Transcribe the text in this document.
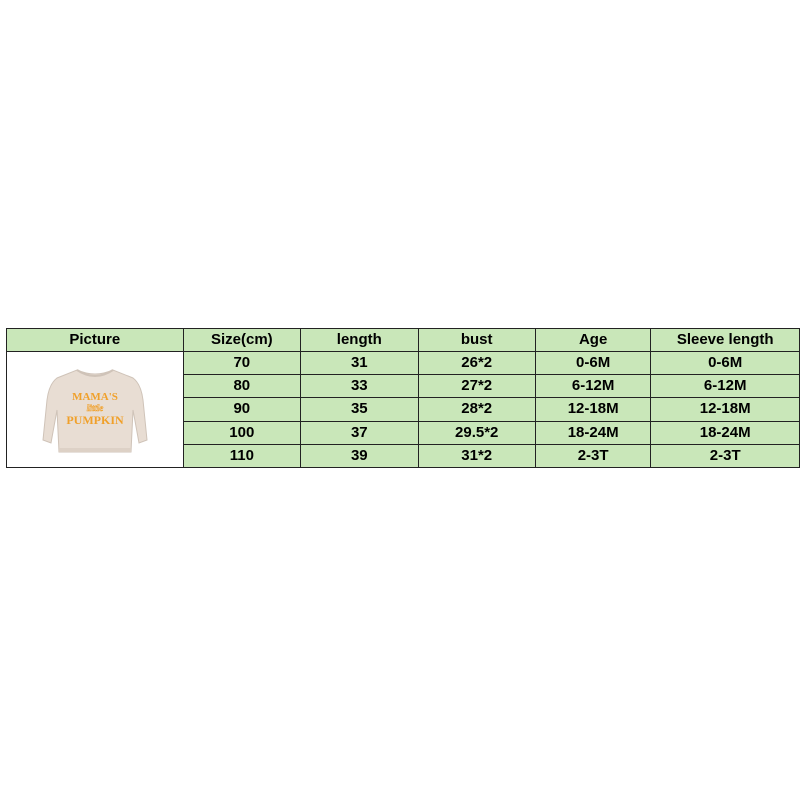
Picture	Size(cm)	length	bust	Age	Sleeve length

MAMA'S
little
PUMPKIN	70	31	26*2	0-6M	0-6M
	80	33	27*2	6-12M	6-12M
	90	35	28*2	12-18M	12-18M
	100	37	29.5*2	18-24M	18-24M
	110	39	31*2	2-3T	2-3T
